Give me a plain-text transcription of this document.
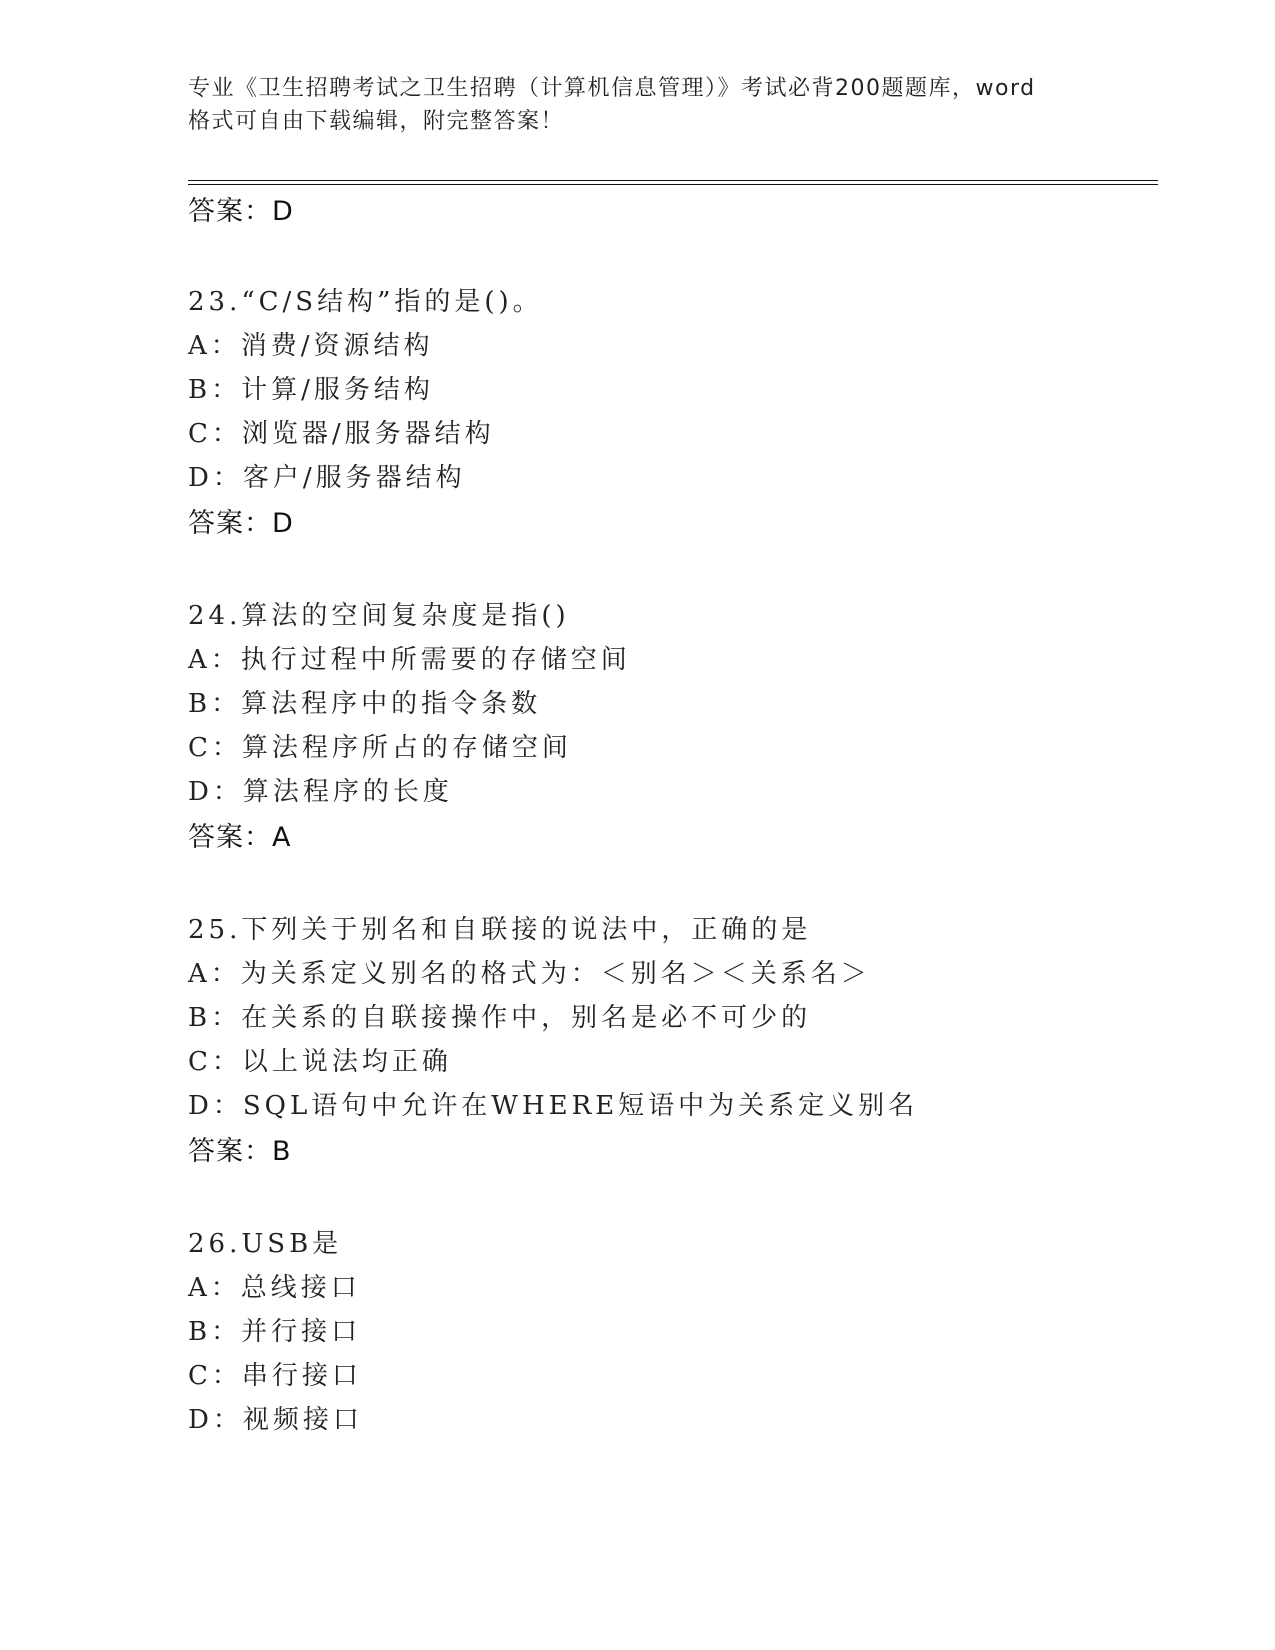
专业《卫生招聘考试之卫生招聘（计算机信息管理）》考试必背200题题库，word
格式可自由下载编辑，附完整答案！
答案：D
23.“C/S结构”指的是()。
A：消费/资源结构
B：计算/服务结构
C：浏览器/服务器结构
D：客户/服务器结构
答案：D
24.算法的空间复杂度是指()
A：执行过程中所需要的存储空间
B：算法程序中的指令条数
C：算法程序所占的存储空间
D：算法程序的长度
答案：A
25.下列关于别名和自联接的说法中，正确的是
A：为关系定义别名的格式为：＜别名＞＜关系名＞
B：在关系的自联接操作中，别名是必不可少的
C：以上说法均正确
D：SQL语句中允许在WHERE短语中为关系定义别名
答案：B
26.USB是
A：总线接口
B：并行接口
C：串行接口
D：视频接口
